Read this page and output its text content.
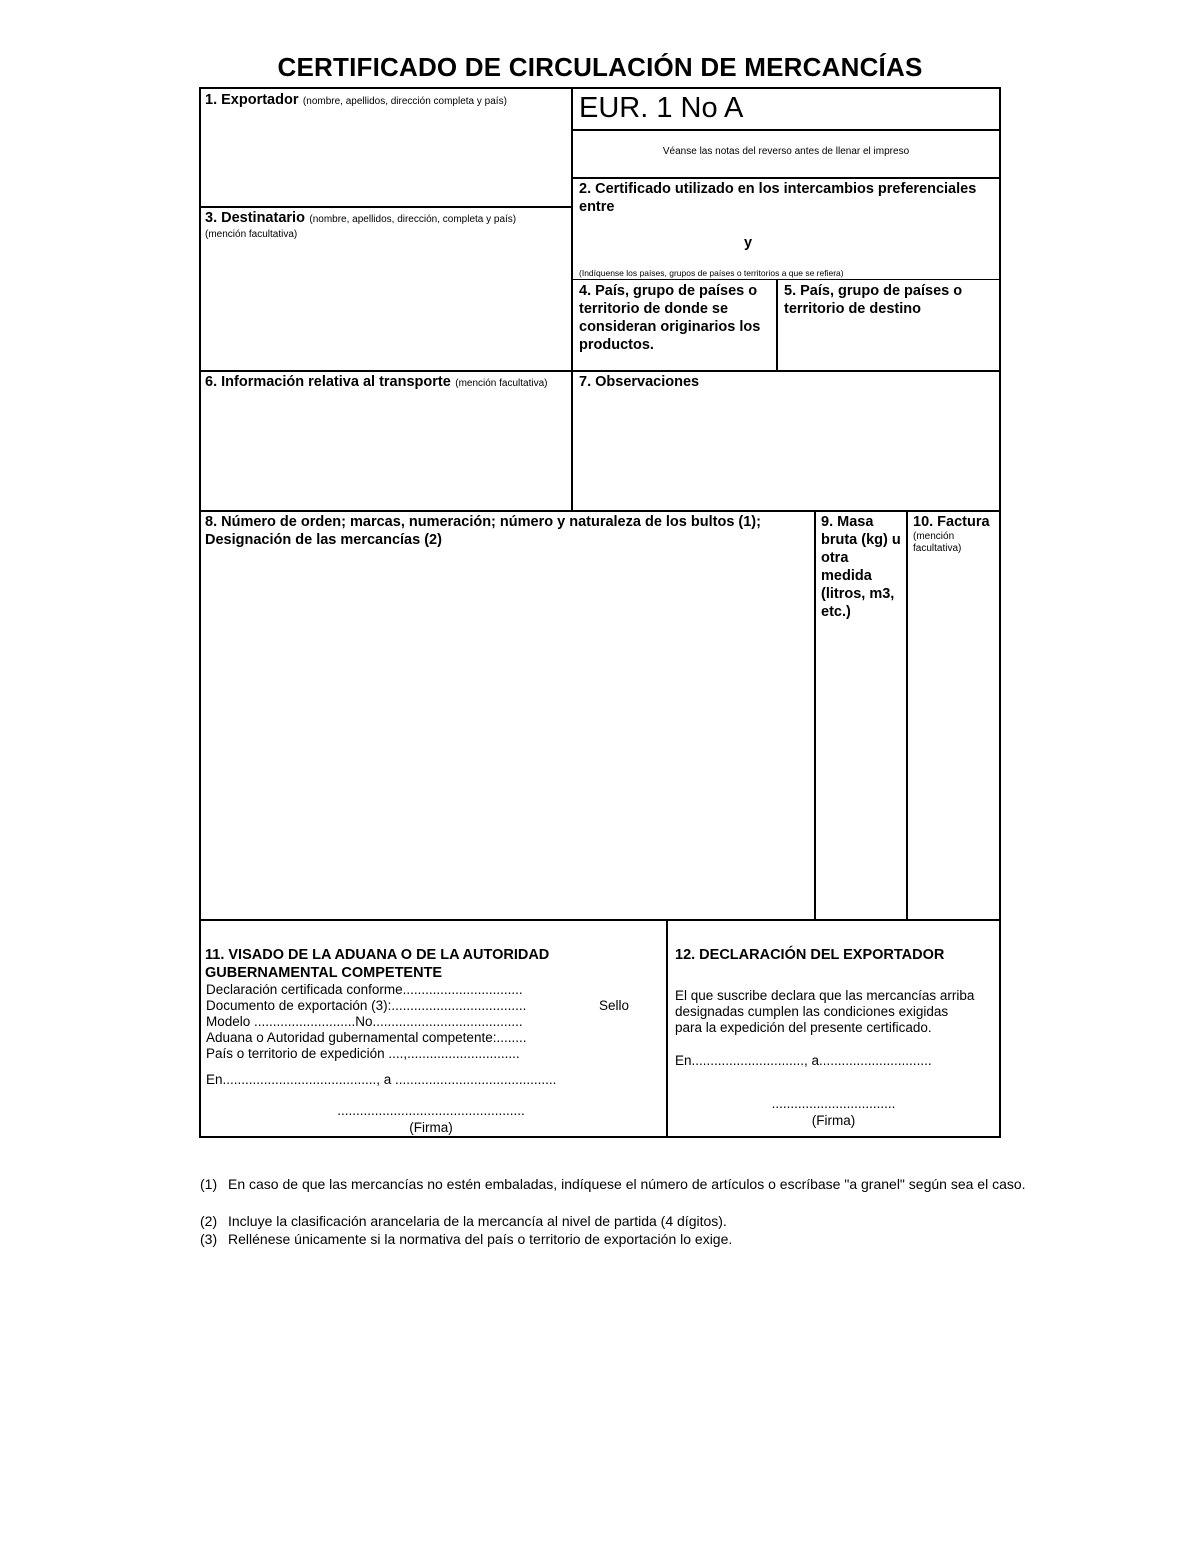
CERTIFICADO DE CIRCULACIÓN DE MERCANCÍAS
1. Exportador (nombre, apellidos, dirección completa y país)	EUR. 1 No A
Véanse las notas del reverso antes de llenar el impreso
2. Certificado utilizado en los intercambios preferenciales entre
y
(Indíquense los países, grupos de países o territorios a que se refiera)
3. Destinatario (nombre, apellidos, dirección, completa y país)
(mención facultativa)
4. País, grupo de países o territorio de donde se consideran originarios los productos.
5. País, grupo de países o territorio de destino
6. Información relativa al transporte (mención facultativa)	7. Observaciones
8. Número de orden; marcas, numeración; número y naturaleza de los bultos (1); Designación de las mercancías (2)
9. Masa bruta (kg) u otra medida (litros, m3, etc.)
10. Factura
(mención facultativa)
11. VISADO DE LA ADUANA O DE LA AUTORIDAD GUBERNAMENTAL COMPETENTE
Declaración certificada conforme................................
Documento de exportación (3):....................................
Modelo ...........................No........................................
Aduana o Autoridad gubernamental competente:........
País o territorio de expedición ....,..............................
Sello
En........................................., a ...........................................
..................................................
(Firma)
12. DECLARACIÓN DEL EXPORTADOR
El que suscribe declara que las mercancías arriba designadas cumplen las condiciones exigidas para la expedición del presente certificado.
En.............................., a..............................
.................................
(Firma)
(1) En caso de que las mercancías no estén embaladas, indíquese el número de artículos o escríbase "a granel" según sea el caso.
(2) Incluye la clasificación arancelaria de la mercancía al nivel de partida (4 dígitos).
(3) Rellénese únicamente si la normativa del país o territorio de exportación lo exige.
